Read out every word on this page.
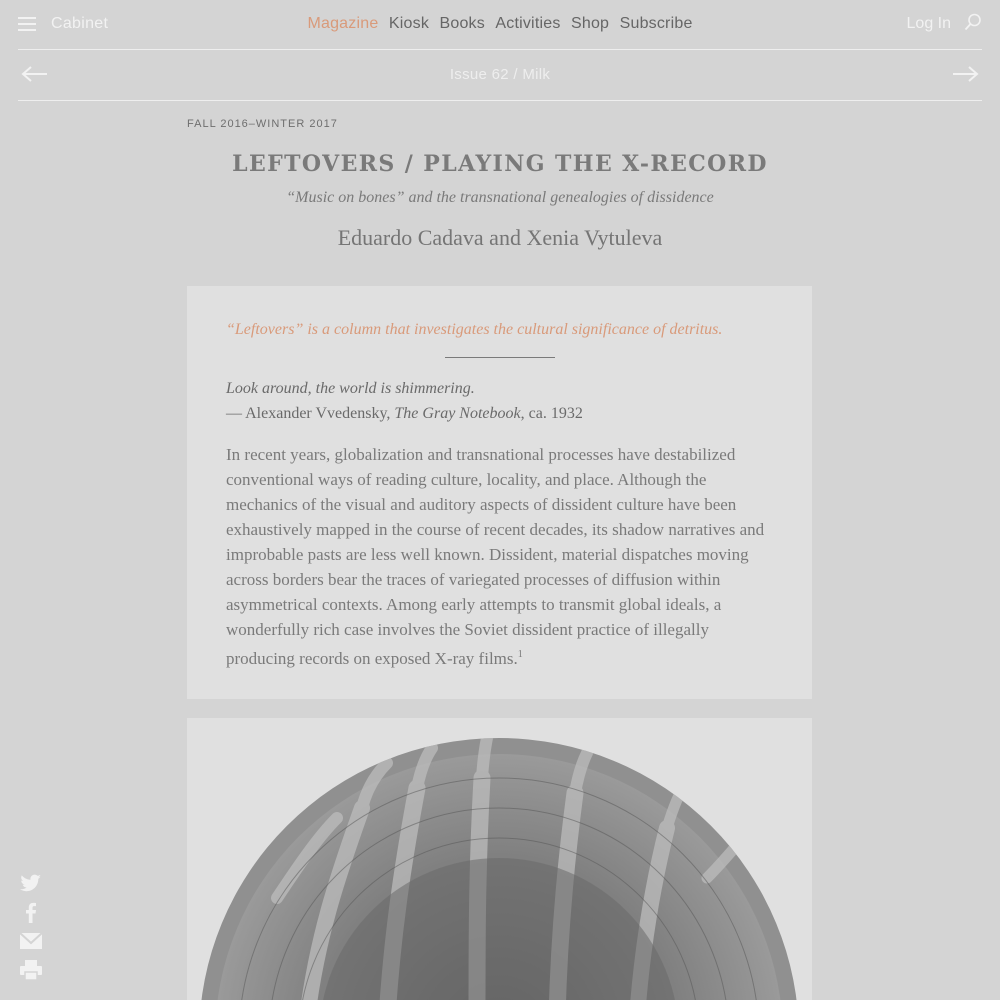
Cabinet	Magazine Kiosk Books Activities Shop Subscribe	Log In
Issue 62 / Milk
FALL 2016–WINTER 2017
LEFTOVERS / PLAYING THE X-RECORD
“Music on bones” and the transnational genealogies of dissidence
Eduardo Cadava and Xenia Vytuleva

“Leftovers” is a column that investigates the cultural significance of detritus.

Look around, the world is shimmering.
— Alexander Vvedensky, The Gray Notebook, ca. 1932

In recent years, globalization and transnational processes have destabilized conventional ways of reading culture, locality, and place. Although the mechanics of the visual and auditory aspects of dissident culture have been exhaustively mapped in the course of recent decades, its shadow narratives and improbable pasts are less well known. Dissident, material dispatches moving across borders bear the traces of variegated processes of diffusion within asymmetrical contexts. Among early attempts to transmit global ideals, a wonderfully rich case involves the Soviet dissident practice of illegally producing records on exposed X-ray films.$^1$
